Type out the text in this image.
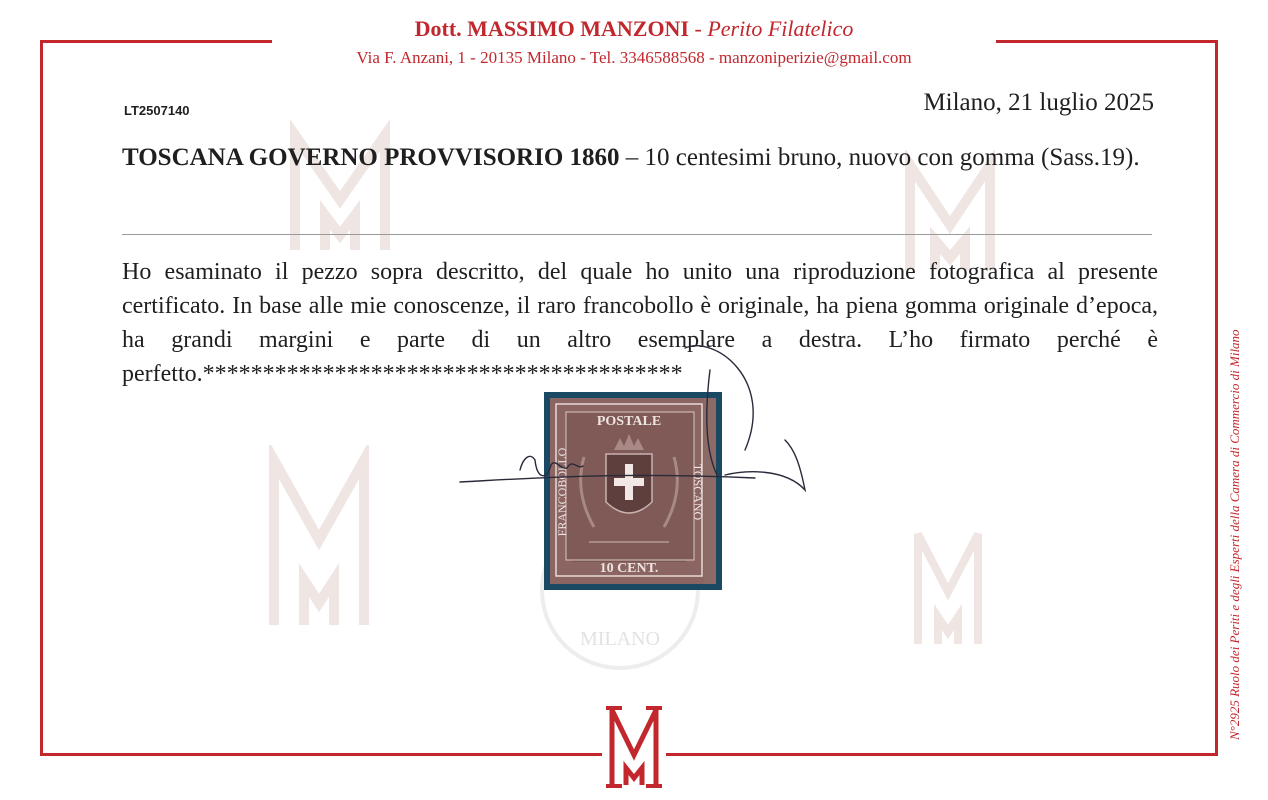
Dott. MASSIMO MANZONI - Perito Filatelico
Via F. Anzani, 1 - 20135 Milano - Tel. 3346588568 - manzoniperizie@gmail.com
LT2507140	Milano, 21 luglio 2025
TOSCANA GOVERNO PROVVISORIO 1860 – 10 centesimi bruno, nuovo con gomma (Sass.19).
Ho esaminato il pezzo sopra descritto, del quale ho unito una riproduzione fotografica al presente certificato. In base alle mie conoscenze, il raro francobollo è originale, ha piena gomma originale d’epoca, ha grandi margini e parte di un altro esemplare a destra. L’ho firmato perché è perfetto.****************************************
MILANO
POSTALE
10 CENT.
FRANCOBOLLO	TOSCANO	N°2925 Ruolo dei Periti e degli Esperti della Camera di Commercio di Milano
